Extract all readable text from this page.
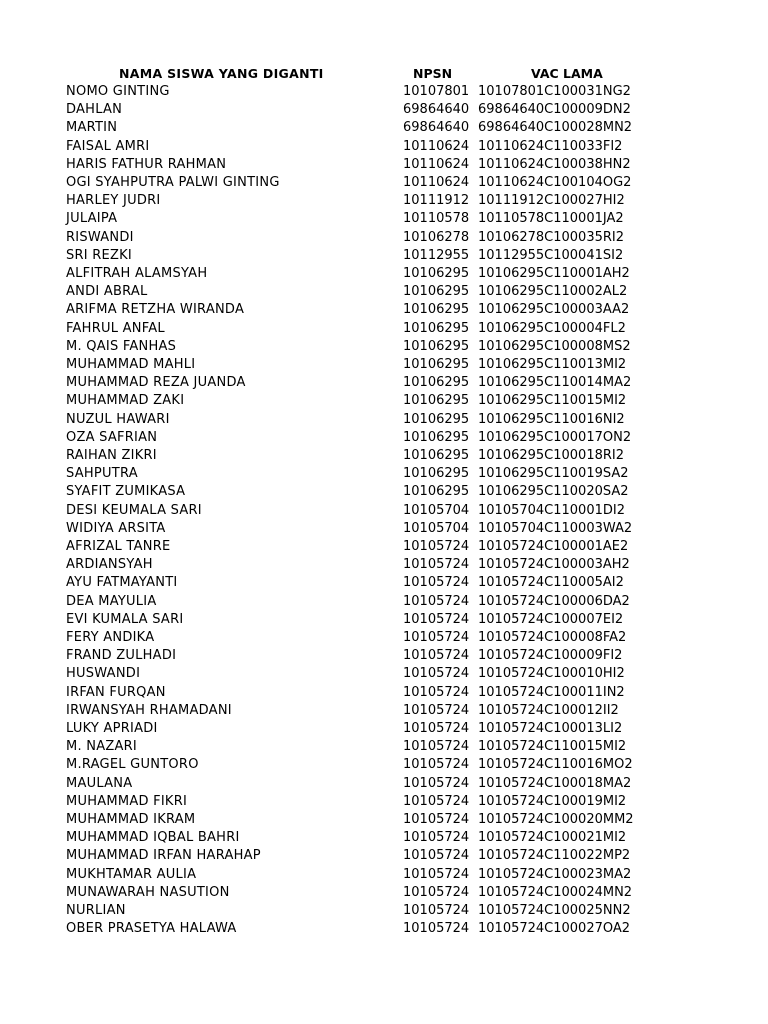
NAMA SISWA YANG DIGANTI	NPSN	VAC LAMA
NOMO GINTING	10107801 10107801C100031NG2
DAHLAN	69864640 69864640C100009DN2
MARTIN	69864640 69864640C100028MN2
FAISAL AMRI	10110624 10110624C110033FI2
HARIS FATHUR RAHMAN	10110624 10110624C100038HN2
OGI SYAHPUTRA PALWI GINTING	10110624 10110624C100104OG2
HARLEY JUDRI	10111912 10111912C100027HI2
JULAIPA	10110578 10110578C110001JA2
RISWANDI	10106278 10106278C100035RI2
SRI REZKI	10112955 10112955C100041SI2
ALFITRAH ALAMSYAH	10106295 10106295C110001AH2
ANDI ABRAL	10106295 10106295C110002AL2
ARIFMA RETZHA WIRANDA	10106295 10106295C100003AA2
FAHRUL ANFAL	10106295 10106295C100004FL2
M. QAIS FANHAS	10106295 10106295C100008MS2
MUHAMMAD MAHLI	10106295 10106295C110013MI2
MUHAMMAD REZA JUANDA	10106295 10106295C110014MA2
MUHAMMAD ZAKI	10106295 10106295C110015MI2
NUZUL HAWARI	10106295 10106295C110016NI2
OZA SAFRIAN	10106295 10106295C100017ON2
RAIHAN ZIKRI	10106295 10106295C100018RI2
SAHPUTRA	10106295 10106295C110019SA2
SYAFIT ZUMIKASA	10106295 10106295C110020SA2
DESI KEUMALA SARI	10105704 10105704C110001DI2
WIDIYA ARSITA	10105704 10105704C110003WA2
AFRIZAL TANRE	10105724 10105724C100001AE2
ARDIANSYAH	10105724 10105724C100003AH2
AYU FATMAYANTI	10105724 10105724C110005AI2
DEA MAYULIA	10105724 10105724C100006DA2
EVI KUMALA SARI	10105724 10105724C100007EI2
FERY ANDIKA	10105724 10105724C100008FA2
FRAND ZULHADI	10105724 10105724C100009FI2
HUSWANDI	10105724 10105724C100010HI2
IRFAN FURQAN	10105724 10105724C100011IN2
IRWANSYAH RHAMADANI	10105724 10105724C100012II2
LUKY APRIADI	10105724 10105724C100013LI2
M. NAZARI	10105724 10105724C110015MI2
M.RAGEL GUNTORO	10105724 10105724C110016MO2
MAULANA	10105724 10105724C100018MA2
MUHAMMAD FIKRI	10105724 10105724C100019MI2
MUHAMMAD IKRAM	10105724 10105724C100020MM2
MUHAMMAD IQBAL BAHRI	10105724 10105724C100021MI2
MUHAMMAD IRFAN HARAHAP	10105724 10105724C110022MP2
MUKHTAMAR AULIA	10105724 10105724C100023MA2
MUNAWARAH NASUTION	10105724 10105724C100024MN2
NURLIAN	10105724 10105724C100025NN2
OBER PRASETYA HALAWA	10105724 10105724C100027OA2
